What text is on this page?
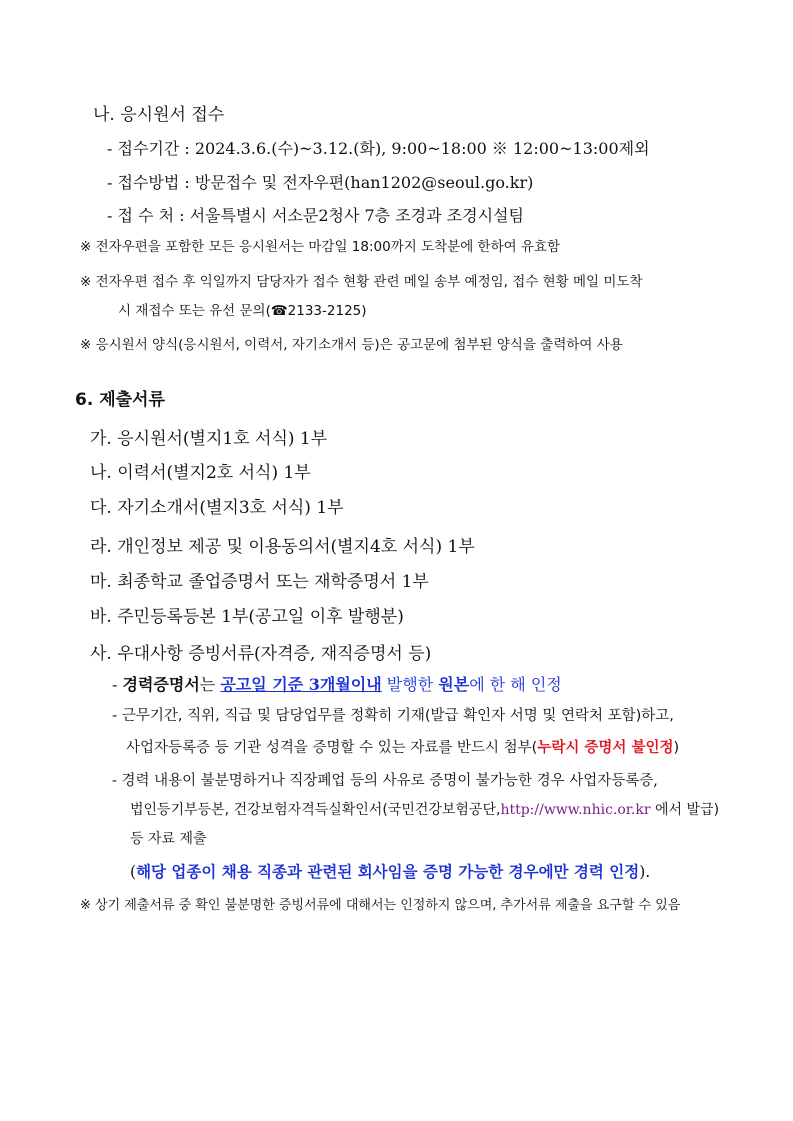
나. 응시원서 접수
- 접수기간 : 2024.3.6.(수)~3.12.(화), 9:00~18:00 ※ 12:00~13:00제외
- 접수방법 : 방문접수 및 전자우편(han1202@seoul.go.kr)
- 접 수 처 : 서울특별시 서소문2청사 7층 조경과 조경시설팀
※ 전자우편을 포함한 모든 응시원서는 마감일 18:00까지 도착분에 한하여 유효함
※ 전자우편 접수 후 익일까지 담당자가 접수 현황 관련 메일 송부 예정임, 접수 현황 메일 미도착
시 재접수 또는 유선 문의(☎2133-2125)
※ 응시원서 양식(응시원서, 이력서, 자기소개서 등)은 공고문에 첨부된 양식을 출력하여 사용
6. 제출서류
가. 응시원서(별지1호 서식) 1부
나. 이력서(별지2호 서식) 1부
다. 자기소개서(별지3호 서식) 1부
라. 개인정보 제공 및 이용동의서(별지4호 서식) 1부
마. 최종학교 졸업증명서 또는 재학증명서 1부
바. 주민등록등본 1부(공고일 이후 발행분)
사. 우대사항 증빙서류(자격증, 재직증명서 등)
- 경력증명서는 공고일 기준 3개월이내 발행한 원본에 한 해 인정
- 근무기간, 직위, 직급 및 담당업무를 정확히 기재(발급 확인자 서명 및 연락처 포함)하고,
사업자등록증 등 기관 성격을 증명할 수 있는 자료를 반드시 첨부(누락시 증명서 불인정)
- 경력 내용이 불분명하거나 직장폐업 등의 사유로 증명이 불가능한 경우 사업자등록증,
법인등기부등본, 건강보험자격득실확인서(국민건강보험공단,http://www.nhic.or.kr 에서 발급)
등 자료 제출
(해당 업종이 채용 직종과 관련된 회사임을 증명 가능한 경우에만 경력 인정).
※ 상기 제출서류 중 확인 불분명한 증빙서류에 대해서는 인정하지 않으며, 추가서류 제출을 요구할 수 있음
